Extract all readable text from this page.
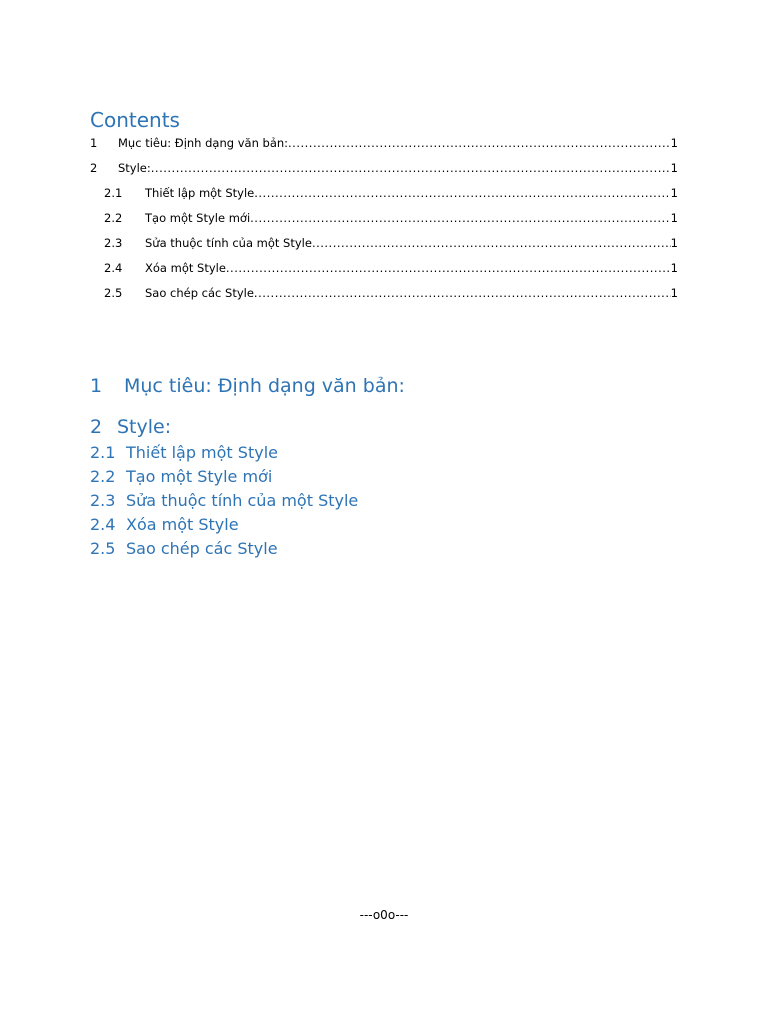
Contents
1	Mục tiêu: Định dạng văn bản: .....	1
2	Style: .....	1
2.1	Thiết lập một Style .....	1
2.2	Tạo một Style mới .....	1
2.3	Sửa thuộc tính của một Style .....	1
2.4	Xóa một Style .....	1
2.5	Sao chép các Style .....	1
1 Mục tiêu: Định dạng văn bản:
2 Style:
2.1 Thiết lập một Style
2.2 Tạo một Style mới
2.3 Sửa thuộc tính của một Style
2.4 Xóa một Style
2.5 Sao chép các Style
---o0o---
